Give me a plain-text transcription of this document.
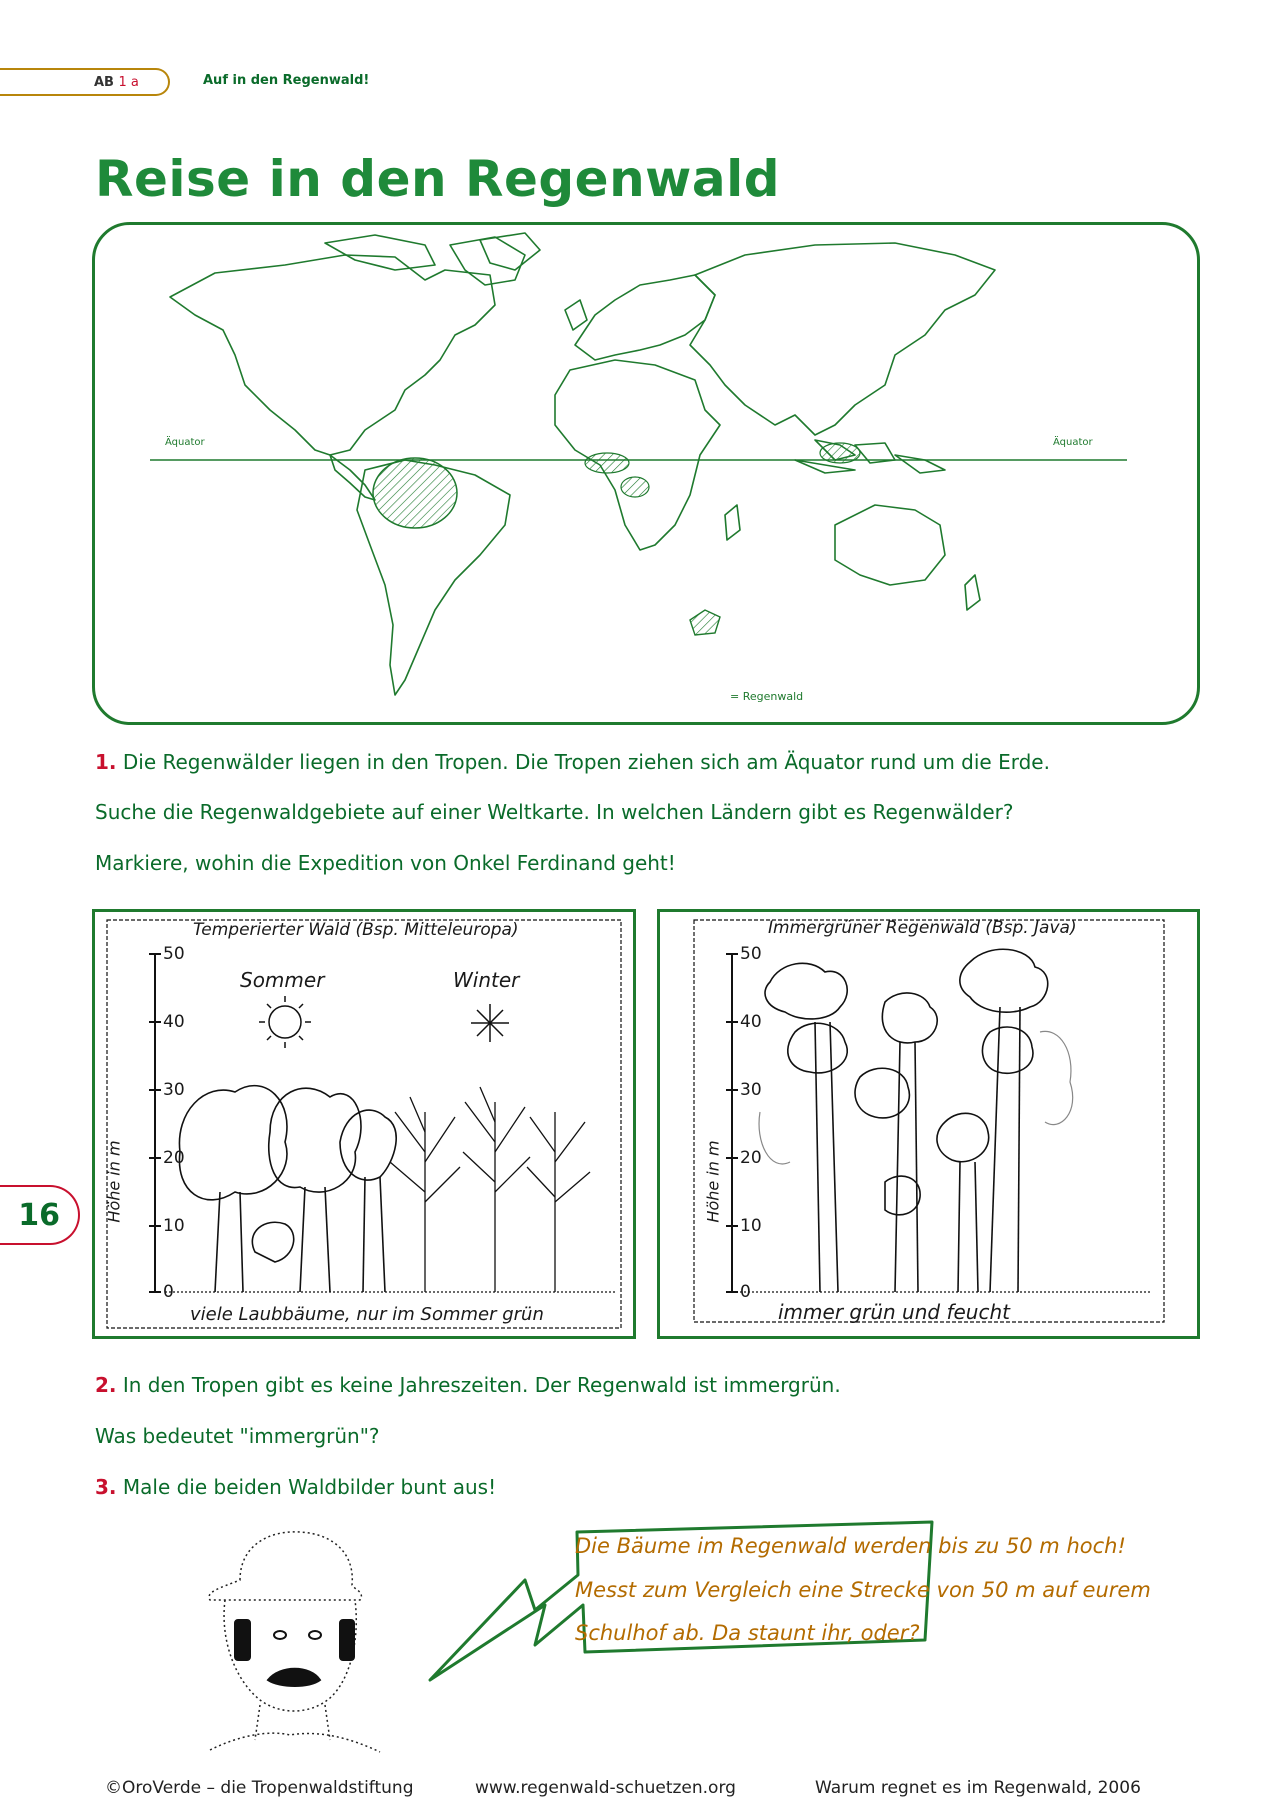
AB 1 a	Auf in den Regenwald!
Reise in den Regenwald
Äquator	Äquator
= Regenwald
1. Die Regenwälder liegen in den Tropen. Die Tropen ziehen sich am Äquator rund um die Erde.
Suche die Regenwaldgebiete auf einer Weltkarte. In welchen Ländern gibt es Regenwälder?
Markiere, wohin die Expedition von Onkel Ferdinand geht!
Temperierter Wald (Bsp. Mitteleuropa)
Sommer	Winter
Höhe in m
50
40
30
20
10
0
viele Laubbäume, nur im Sommer grün
Immergrüner Regenwald (Bsp. Java)
Höhe in m
50
40
30
20
10
0
immer grün und feucht
16
2. In den Tropen gibt es keine Jahreszeiten. Der Regenwald ist immergrün.
Was bedeutet "immergrün"?
3. Male die beiden Waldbilder bunt aus!
Die Bäume im Regenwald werden bis zu 50 m hoch!
Messt zum Vergleich eine Strecke von 50 m auf eurem
Schulhof ab. Da staunt ihr, oder?
©OroVerde – die Tropenwaldstiftung	www.regenwald-schuetzen.org	Warum regnet es im Regenwald, 2006
